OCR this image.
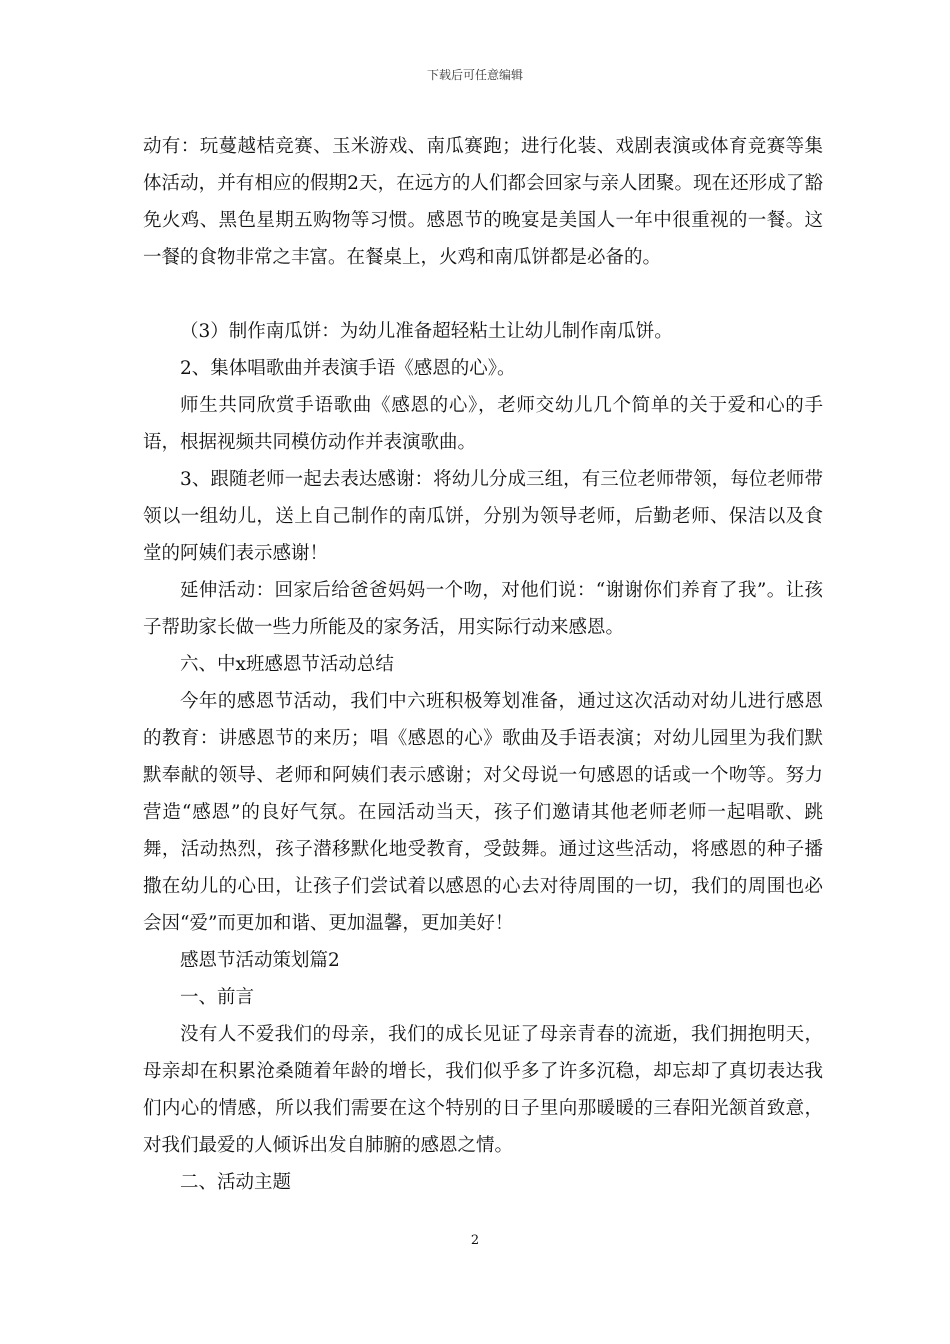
下载后可任意编辑

动有：玩蔓越桔竞赛、玉米游戏、南瓜赛跑；进行化装、戏剧表演或体育竞赛等集体活动，并有相应的假期2天，在远方的人们都会回家与亲人团聚。现在还形成了豁免火鸡、黑色星期五购物等习惯。感恩节的晚宴是美国人一年中很重视的一餐。这一餐的食物非常之丰富。在餐桌上，火鸡和南瓜饼都是必备的。

（3）制作南瓜饼：为幼儿准备超轻粘土让幼儿制作南瓜饼。

2、集体唱歌曲并表演手语《感恩的心》。

师生共同欣赏手语歌曲《感恩的心》，老师交幼儿几个简单的关于爱和心的手语，根据视频共同模仿动作并表演歌曲。

3、跟随老师一起去表达感谢：将幼儿分成三组，有三位老师带领，每位老师带领以一组幼儿，送上自己制作的南瓜饼，分别为领导老师，后勤老师、保洁以及食堂的阿姨们表示感谢！

延伸活动：回家后给爸爸妈妈一个吻，对他们说：“谢谢你们养育了我”。让孩子帮助家长做一些力所能及的家务活，用实际行动来感恩。

六、中x班感恩节活动总结

今年的感恩节活动，我们中六班积极筹划准备，通过这次活动对幼儿进行感恩的教育：讲感恩节的来历；唱《感恩的心》歌曲及手语表演；对幼儿园里为我们默默奉献的领导、老师和阿姨们表示感谢；对父母说一句感恩的话或一个吻等。努力营造“感恩”的良好气氛。在园活动当天，孩子们邀请其他老师老师一起唱歌、跳舞，活动热烈，孩子潜移默化地受教育，受鼓舞。通过这些活动，将感恩的种子播撒在幼儿的心田，让孩子们尝试着以感恩的心去对待周围的一切，我们的周围也必会因“爱”而更加和谐、更加温馨，更加美好！

感恩节活动策划篇2

一、前言

没有人不爱我们的母亲，我们的成长见证了母亲青春的流逝，我们拥抱明天，母亲却在积累沧桑随着年龄的增长，我们似乎多了许多沉稳，却忘却了真切表达我们内心的情感，所以我们需要在这个特别的日子里向那暖暖的三春阳光颔首致意，对我们最爱的人倾诉出发自肺腑的感恩之情。

二、活动主题

2
